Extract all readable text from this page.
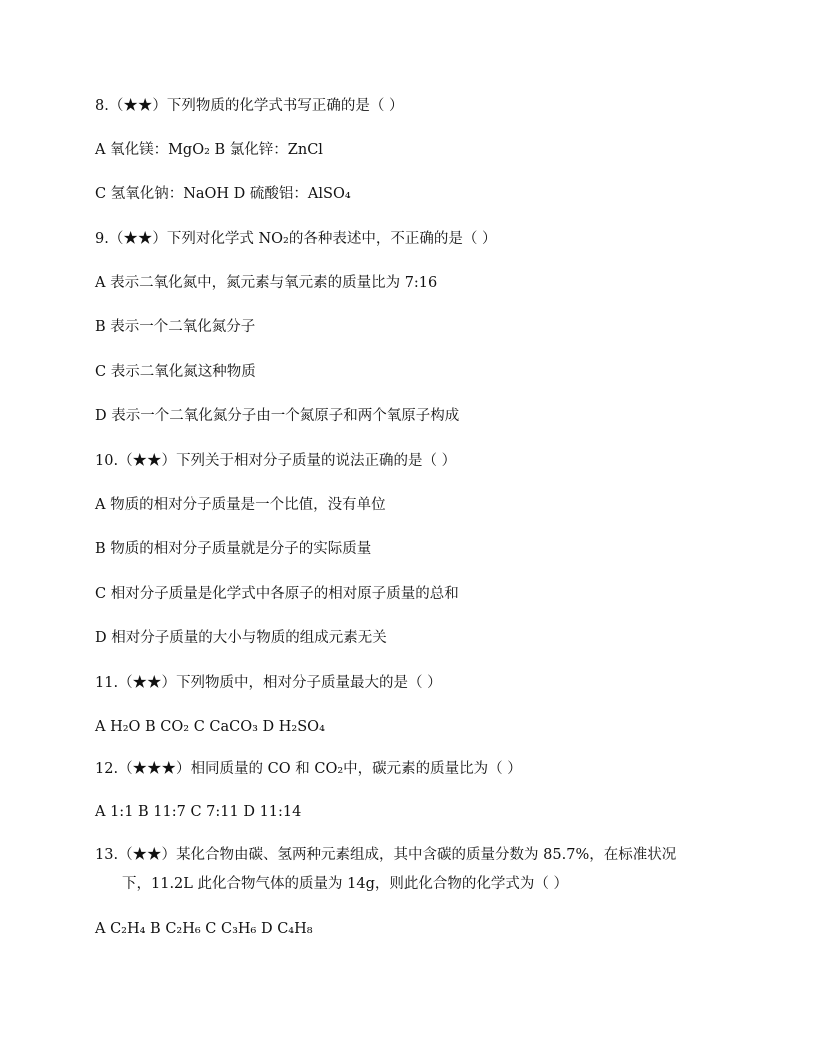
8.（★★）下列物质的化学式书写正确的是（ ）
A 氧化镁：MgO₂ B 氯化锌：ZnCl
C 氢氧化钠：NaOH D 硫酸铝：AlSO₄
9.（★★）下列对化学式 NO₂的各种表述中，不正确的是（ ）
A 表示二氧化氮中，氮元素与氧元素的质量比为 7:16
B 表示一个二氧化氮分子
C 表示二氧化氮这种物质
D 表示一个二氧化氮分子由一个氮原子和两个氧原子构成
10.（★★）下列关于相对分子质量的说法正确的是（ ）
A 物质的相对分子质量是一个比值，没有单位
B 物质的相对分子质量就是分子的实际质量
C 相对分子质量是化学式中各原子的相对原子质量的总和
D 相对分子质量的大小与物质的组成元素无关
11.（★★）下列物质中，相对分子质量最大的是（ ）
A H₂O B CO₂ C CaCO₃ D H₂SO₄
12.（★★★）相同质量的 CO 和 CO₂中，碳元素的质量比为（ ）
A 1:1 B 11:7 C 7:11 D 11:14
13.（★★）某化合物由碳、氢两种元素组成，其中含碳的质量分数为 85.7%，在标准状况
下，11.2L 此化合物气体的质量为 14g，则此化合物的化学式为（ ）
A C₂H₄ B C₂H₆ C C₃H₆ D C₄H₈
